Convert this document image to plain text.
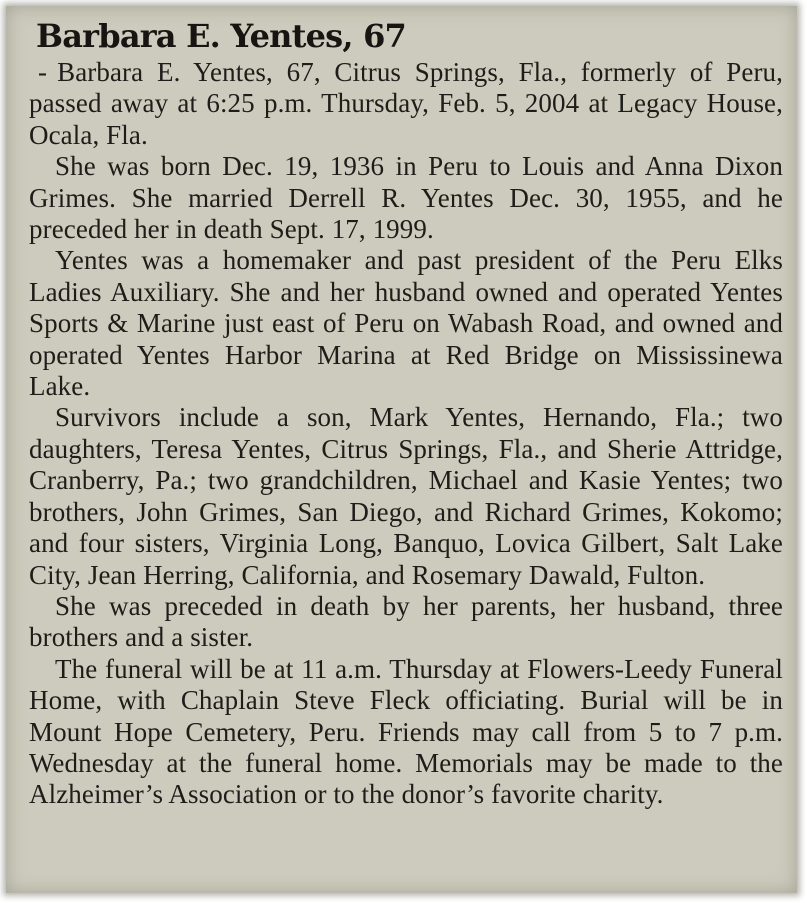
Barbara E. Yentes, 67

- Barbara E. Yentes, 67, Citrus Springs, Fla., formerly of Peru, passed away at 6:25 p.m. Thursday, Feb. 5, 2004 at Legacy House, Ocala, Fla.

She was born Dec. 19, 1936 in Peru to Louis and Anna Dixon Grimes. She married Derrell R. Yentes Dec. 30, 1955, and he preceded her in death Sept. 17, 1999.

Yentes was a homemaker and past president of the Peru Elks Ladies Auxiliary. She and her husband owned and operated Yentes Sports & Marine just east of Peru on Wabash Road, and owned and operated Yentes Harbor Marina at Red Bridge on Mississinewa Lake.

Survivors include a son, Mark Yentes, Hernando, Fla.; two daughters, Teresa Yentes, Citrus Springs, Fla., and Sherie Attridge, Cranberry, Pa.; two grandchildren, Michael and Kasie Yentes; two brothers, John Grimes, San Diego, and Richard Grimes, Kokomo; and four sisters, Virginia Long, Banquo, Lovica Gilbert, Salt Lake City, Jean Herring, California, and Rosemary Dawald, Fulton.

She was preceded in death by her parents, her husband, three brothers and a sister.

The funeral will be at 11 a.m. Thursday at Flowers-Leedy Funeral Home, with Chaplain Steve Fleck officiating. Burial will be in Mount Hope Cemetery, Peru. Friends may call from 5 to 7 p.m. Wednesday at the funeral home. Memorials may be made to the Alzheimer’s Association or to the donor’s favorite charity.
